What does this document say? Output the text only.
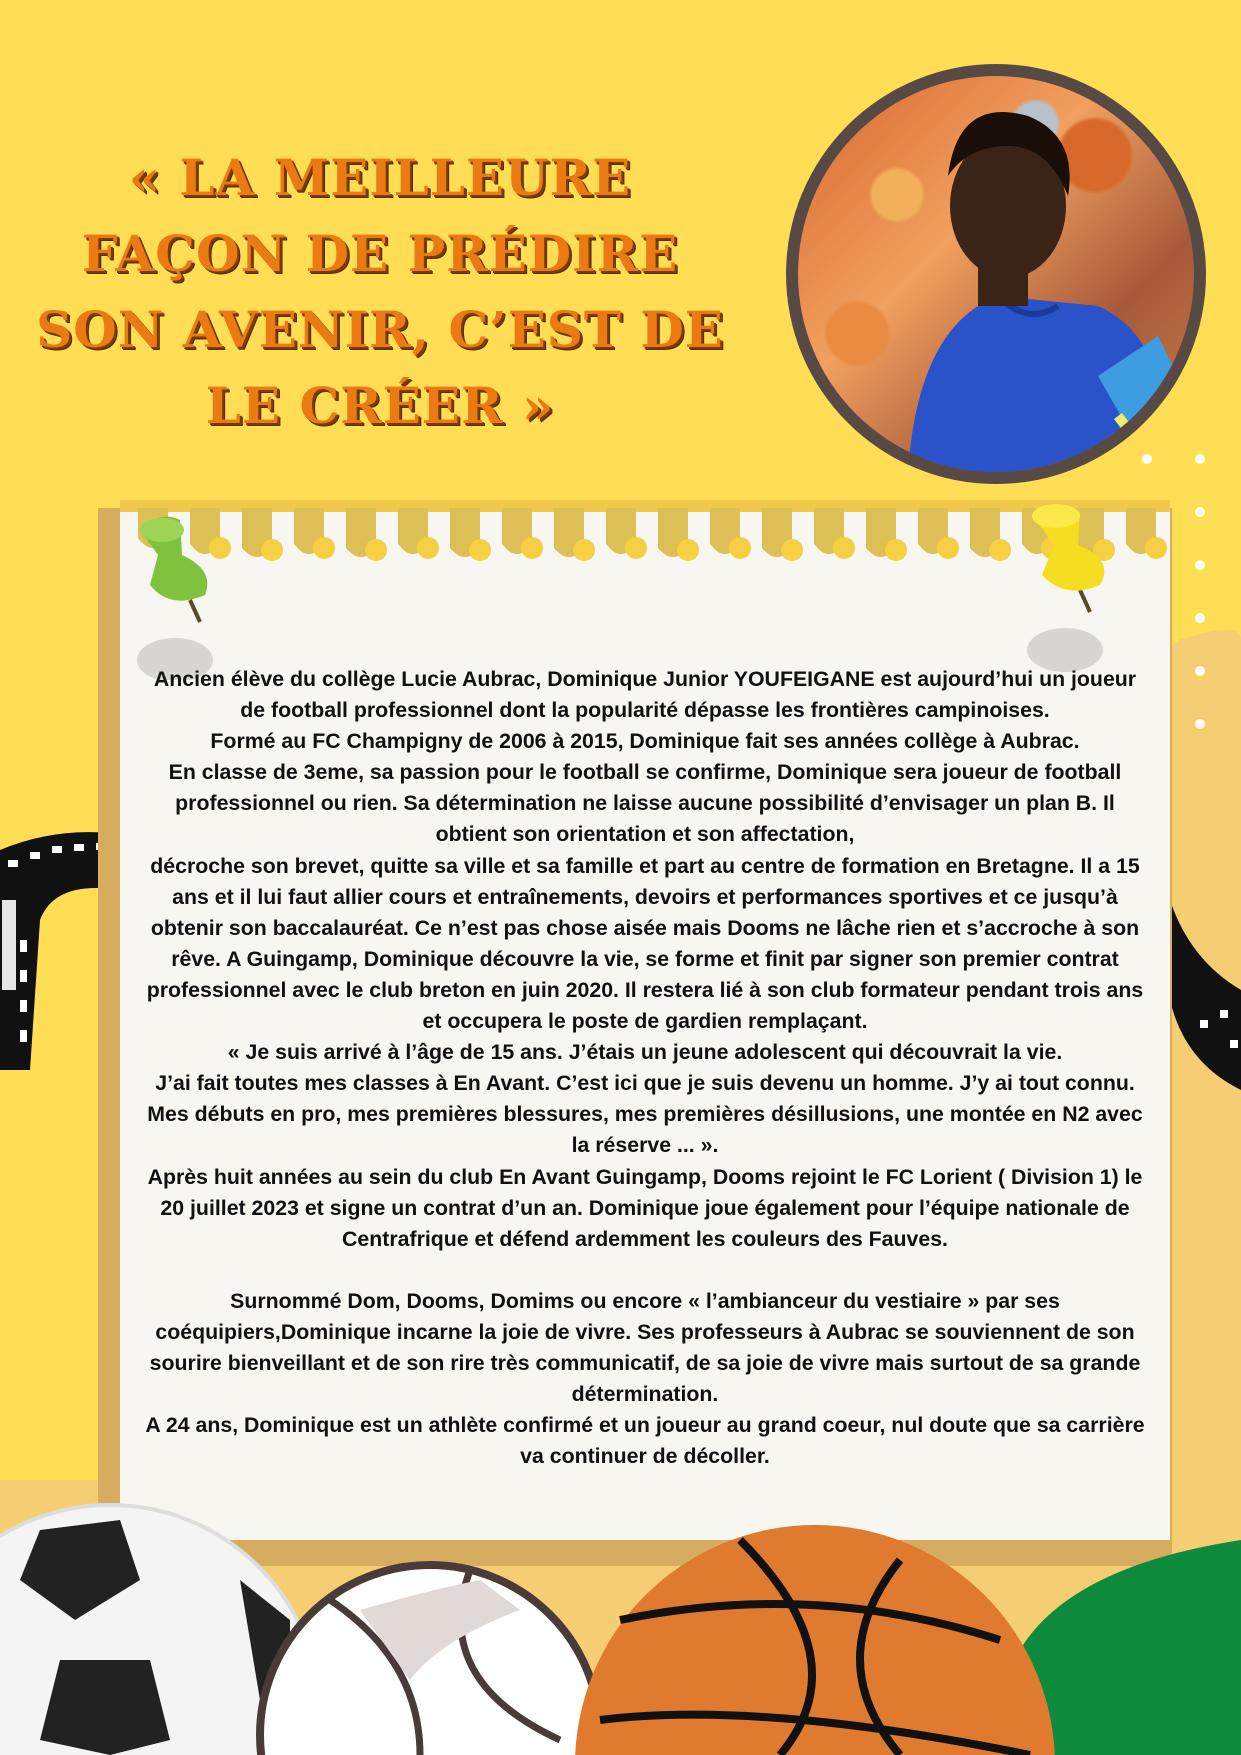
« LA MEILLEURE FAÇON DE PRÉDIRE SON AVENIR, C’EST DE LE CRÉER »

Ancien élève du collège Lucie Aubrac, Dominique Junior YOUFEIGANE est aujourd’hui un joueur de football professionnel dont la popularité dépasse les frontières campinoises.

Formé au FC Champigny de 2006 à 2015, Dominique fait ses années collège à Aubrac.

En classe de 3eme, sa passion pour le football se confirme, Dominique sera joueur de football professionnel ou rien. Sa détermination ne laisse aucune possibilité d’envisager un plan B. Il obtient son orientation et son affectation,

décroche son brevet, quitte sa ville et sa famille et part au centre de formation en Bretagne. Il a 15 ans et il lui faut allier cours et entraînements, devoirs et performances sportives et ce jusqu’à obtenir son baccalauréat. Ce n’est pas chose aisée mais Dooms ne lâche rien et s’accroche à son rêve. A Guingamp, Dominique découvre la vie, se forme et finit par signer son premier contrat professionnel avec le club breton en juin 2020. Il restera lié à son club formateur pendant trois ans et occupera le poste de gardien remplaçant.

« Je suis arrivé à l’âge de 15 ans. J’étais un jeune adolescent qui découvrait la vie.

J’ai fait toutes mes classes à En Avant. C’est ici que je suis devenu un homme. J’y ai tout connu. Mes débuts en pro, mes premières blessures, mes premières désillusions, une montée en N2 avec la réserve ... ».

Après huit années au sein du club En Avant Guingamp, Dooms rejoint le FC Lorient ( Division 1) le 20 juillet 2023 et signe un contrat d’un an. Dominique joue également pour l’équipe nationale de Centrafrique et défend ardemment les couleurs des Fauves.

Surnommé Dom, Dooms, Domims ou encore « l’ambianceur du vestiaire » par ses coéquipiers,Dominique incarne la joie de vivre. Ses professeurs à Aubrac se souviennent de son sourire bienveillant et de son rire très communicatif, de sa joie de vivre mais surtout de sa grande détermination.

A 24 ans, Dominique est un athlète confirmé et un joueur au grand coeur, nul doute que sa carrière va continuer de décoller.
